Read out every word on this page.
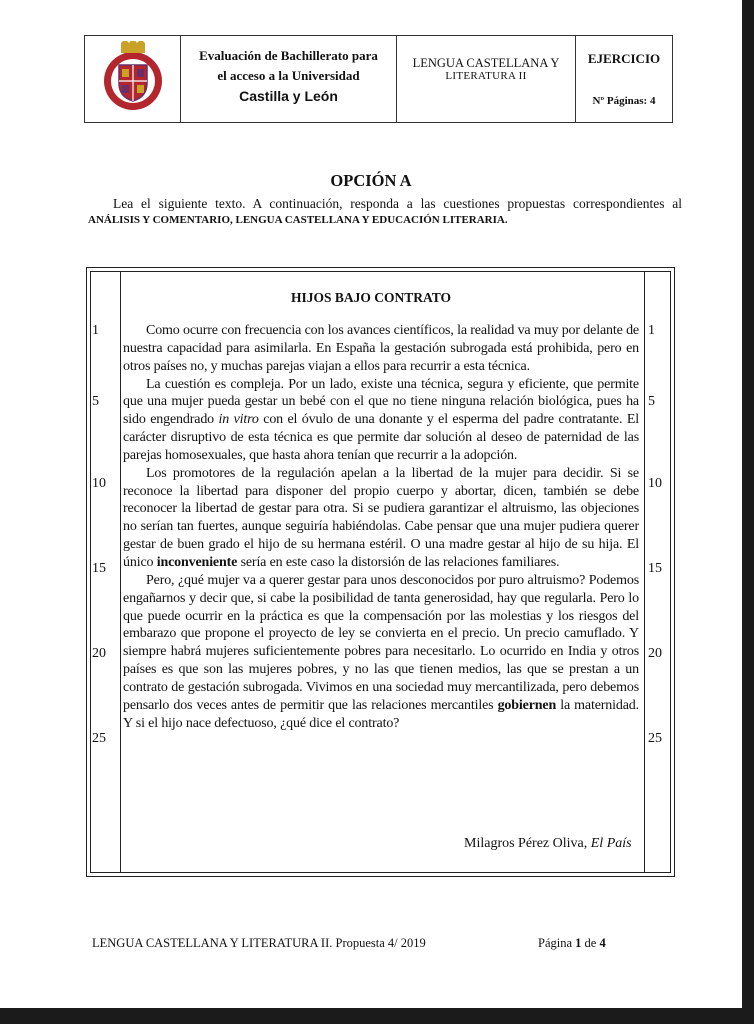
Evaluación de Bachillerato para
el acceso a la Universidad
Castilla y León
LENGUA CASTELLANA Y
LITERATURA II
EJERCICIO
Nº Páginas: 4
OPCIÓN A
Lea el siguiente texto. A continuación, responda a las cuestiones propuestas correspondientes al
ANÁLISIS Y COMENTARIO, LENGUA CASTELLANA Y EDUCACIÓN LITERARIA.
HIJOS BAJO CONTRATO
1
5
10
15
20
25
1
5
10
15
20
25

Como ocurre con frecuencia con los avances científicos, la realidad va muy por delante de nuestra capacidad para asimilarla. En España la gestación subrogada está prohibida, pero en otros países no, y muchas parejas viajan a ellos para recurrir a esta técnica.

La cuestión es compleja. Por un lado, existe una técnica, segura y eficiente, que permite que una mujer pueda gestar un bebé con el que no tiene ninguna relación biológica, pues ha sido engendrado in vitro con el óvulo de una donante y el esperma del padre contratante. El carácter disruptivo de esta técnica es que permite dar solución al deseo de paternidad de las parejas homosexuales, que hasta ahora tenían que recurrir a la adopción.

Los promotores de la regulación apelan a la libertad de la mujer para decidir. Si se reconoce la libertad para disponer del propio cuerpo y abortar, dicen, también se debe reconocer la libertad de gestar para otra. Si se pudiera garantizar el altruismo, las objeciones no serían tan fuertes, aunque seguiría habiéndolas. Cabe pensar que una mujer pudiera querer gestar de buen grado el hijo de su hermana estéril. O una madre gestar al hijo de su hija. El único inconveniente sería en este caso la distorsión de las relaciones familiares.

Pero, ¿qué mujer va a querer gestar para unos desconocidos por puro altruismo? Podemos engañarnos y decir que, si cabe la posibilidad de tanta generosidad, hay que regularla. Pero lo que puede ocurrir en la práctica es que la compensación por las molestias y los riesgos del embarazo que propone el proyecto de ley se convierta en el precio. Un precio camuflado. Y siempre habrá mujeres suficientemente pobres para necesitarlo. Lo ocurrido en India y otros países es que son las mujeres pobres, y no las que tienen medios, las que se prestan a un contrato de gestación subrogada. Vivimos en una sociedad muy mercantilizada, pero debemos pensarlo dos veces antes de permitir que las relaciones mercantiles gobiernen la maternidad. Y si el hijo nace defectuoso, ¿qué dice el contrato?

Milagros Pérez Oliva, El País
LENGUA CASTELLANA Y LITERATURA II. Propuesta 4/ 2019	Página 1 de 4
